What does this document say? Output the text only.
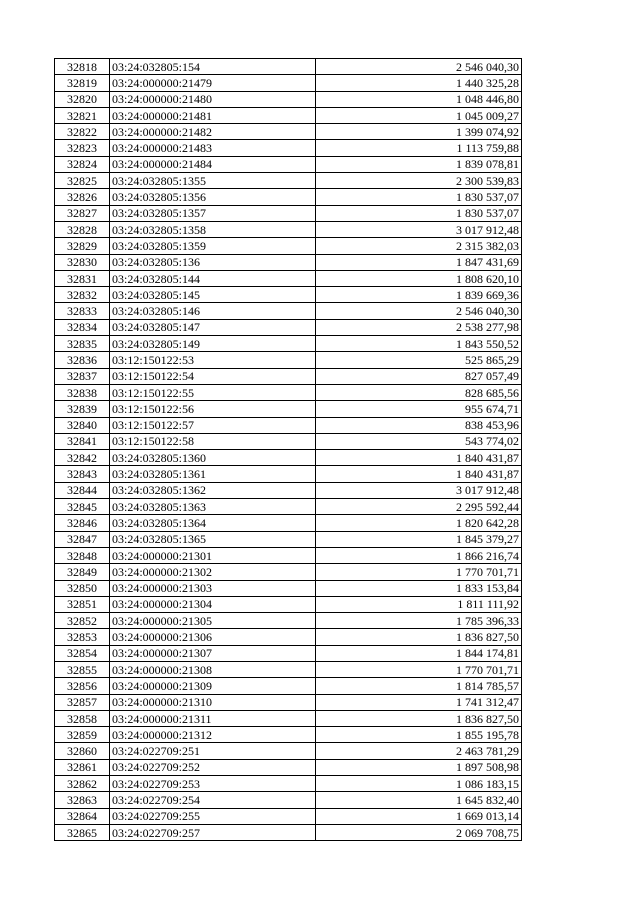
32818	03:24:032805:154	2 546 040,30
32819	03:24:000000:21479	1 440 325,28
32820	03:24:000000:21480	1 048 446,80
32821	03:24:000000:21481	1 045 009,27
32822	03:24:000000:21482	1 399 074,92
32823	03:24:000000:21483	1 113 759,88
32824	03:24:000000:21484	1 839 078,81
32825	03:24:032805:1355	2 300 539,83
32826	03:24:032805:1356	1 830 537,07
32827	03:24:032805:1357	1 830 537,07
32828	03:24:032805:1358	3 017 912,48
32829	03:24:032805:1359	2 315 382,03
32830	03:24:032805:136	1 847 431,69
32831	03:24:032805:144	1 808 620,10
32832	03:24:032805:145	1 839 669,36
32833	03:24:032805:146	2 546 040,30
32834	03:24:032805:147	2 538 277,98
32835	03:24:032805:149	1 843 550,52
32836	03:12:150122:53	525 865,29
32837	03:12:150122:54	827 057,49
32838	03:12:150122:55	828 685,56
32839	03:12:150122:56	955 674,71
32840	03:12:150122:57	838 453,96
32841	03:12:150122:58	543 774,02
32842	03:24:032805:1360	1 840 431,87
32843	03:24:032805:1361	1 840 431,87
32844	03:24:032805:1362	3 017 912,48
32845	03:24:032805:1363	2 295 592,44
32846	03:24:032805:1364	1 820 642,28
32847	03:24:032805:1365	1 845 379,27
32848	03:24:000000:21301	1 866 216,74
32849	03:24:000000:21302	1 770 701,71
32850	03:24:000000:21303	1 833 153,84
32851	03:24:000000:21304	1 811 111,92
32852	03:24:000000:21305	1 785 396,33
32853	03:24:000000:21306	1 836 827,50
32854	03:24:000000:21307	1 844 174,81
32855	03:24:000000:21308	1 770 701,71
32856	03:24:000000:21309	1 814 785,57
32857	03:24:000000:21310	1 741 312,47
32858	03:24:000000:21311	1 836 827,50
32859	03:24:000000:21312	1 855 195,78
32860	03:24:022709:251	2 463 781,29
32861	03:24:022709:252	1 897 508,98
32862	03:24:022709:253	1 086 183,15
32863	03:24:022709:254	1 645 832,40
32864	03:24:022709:255	1 669 013,14
32865	03:24:022709:257	2 069 708,75
